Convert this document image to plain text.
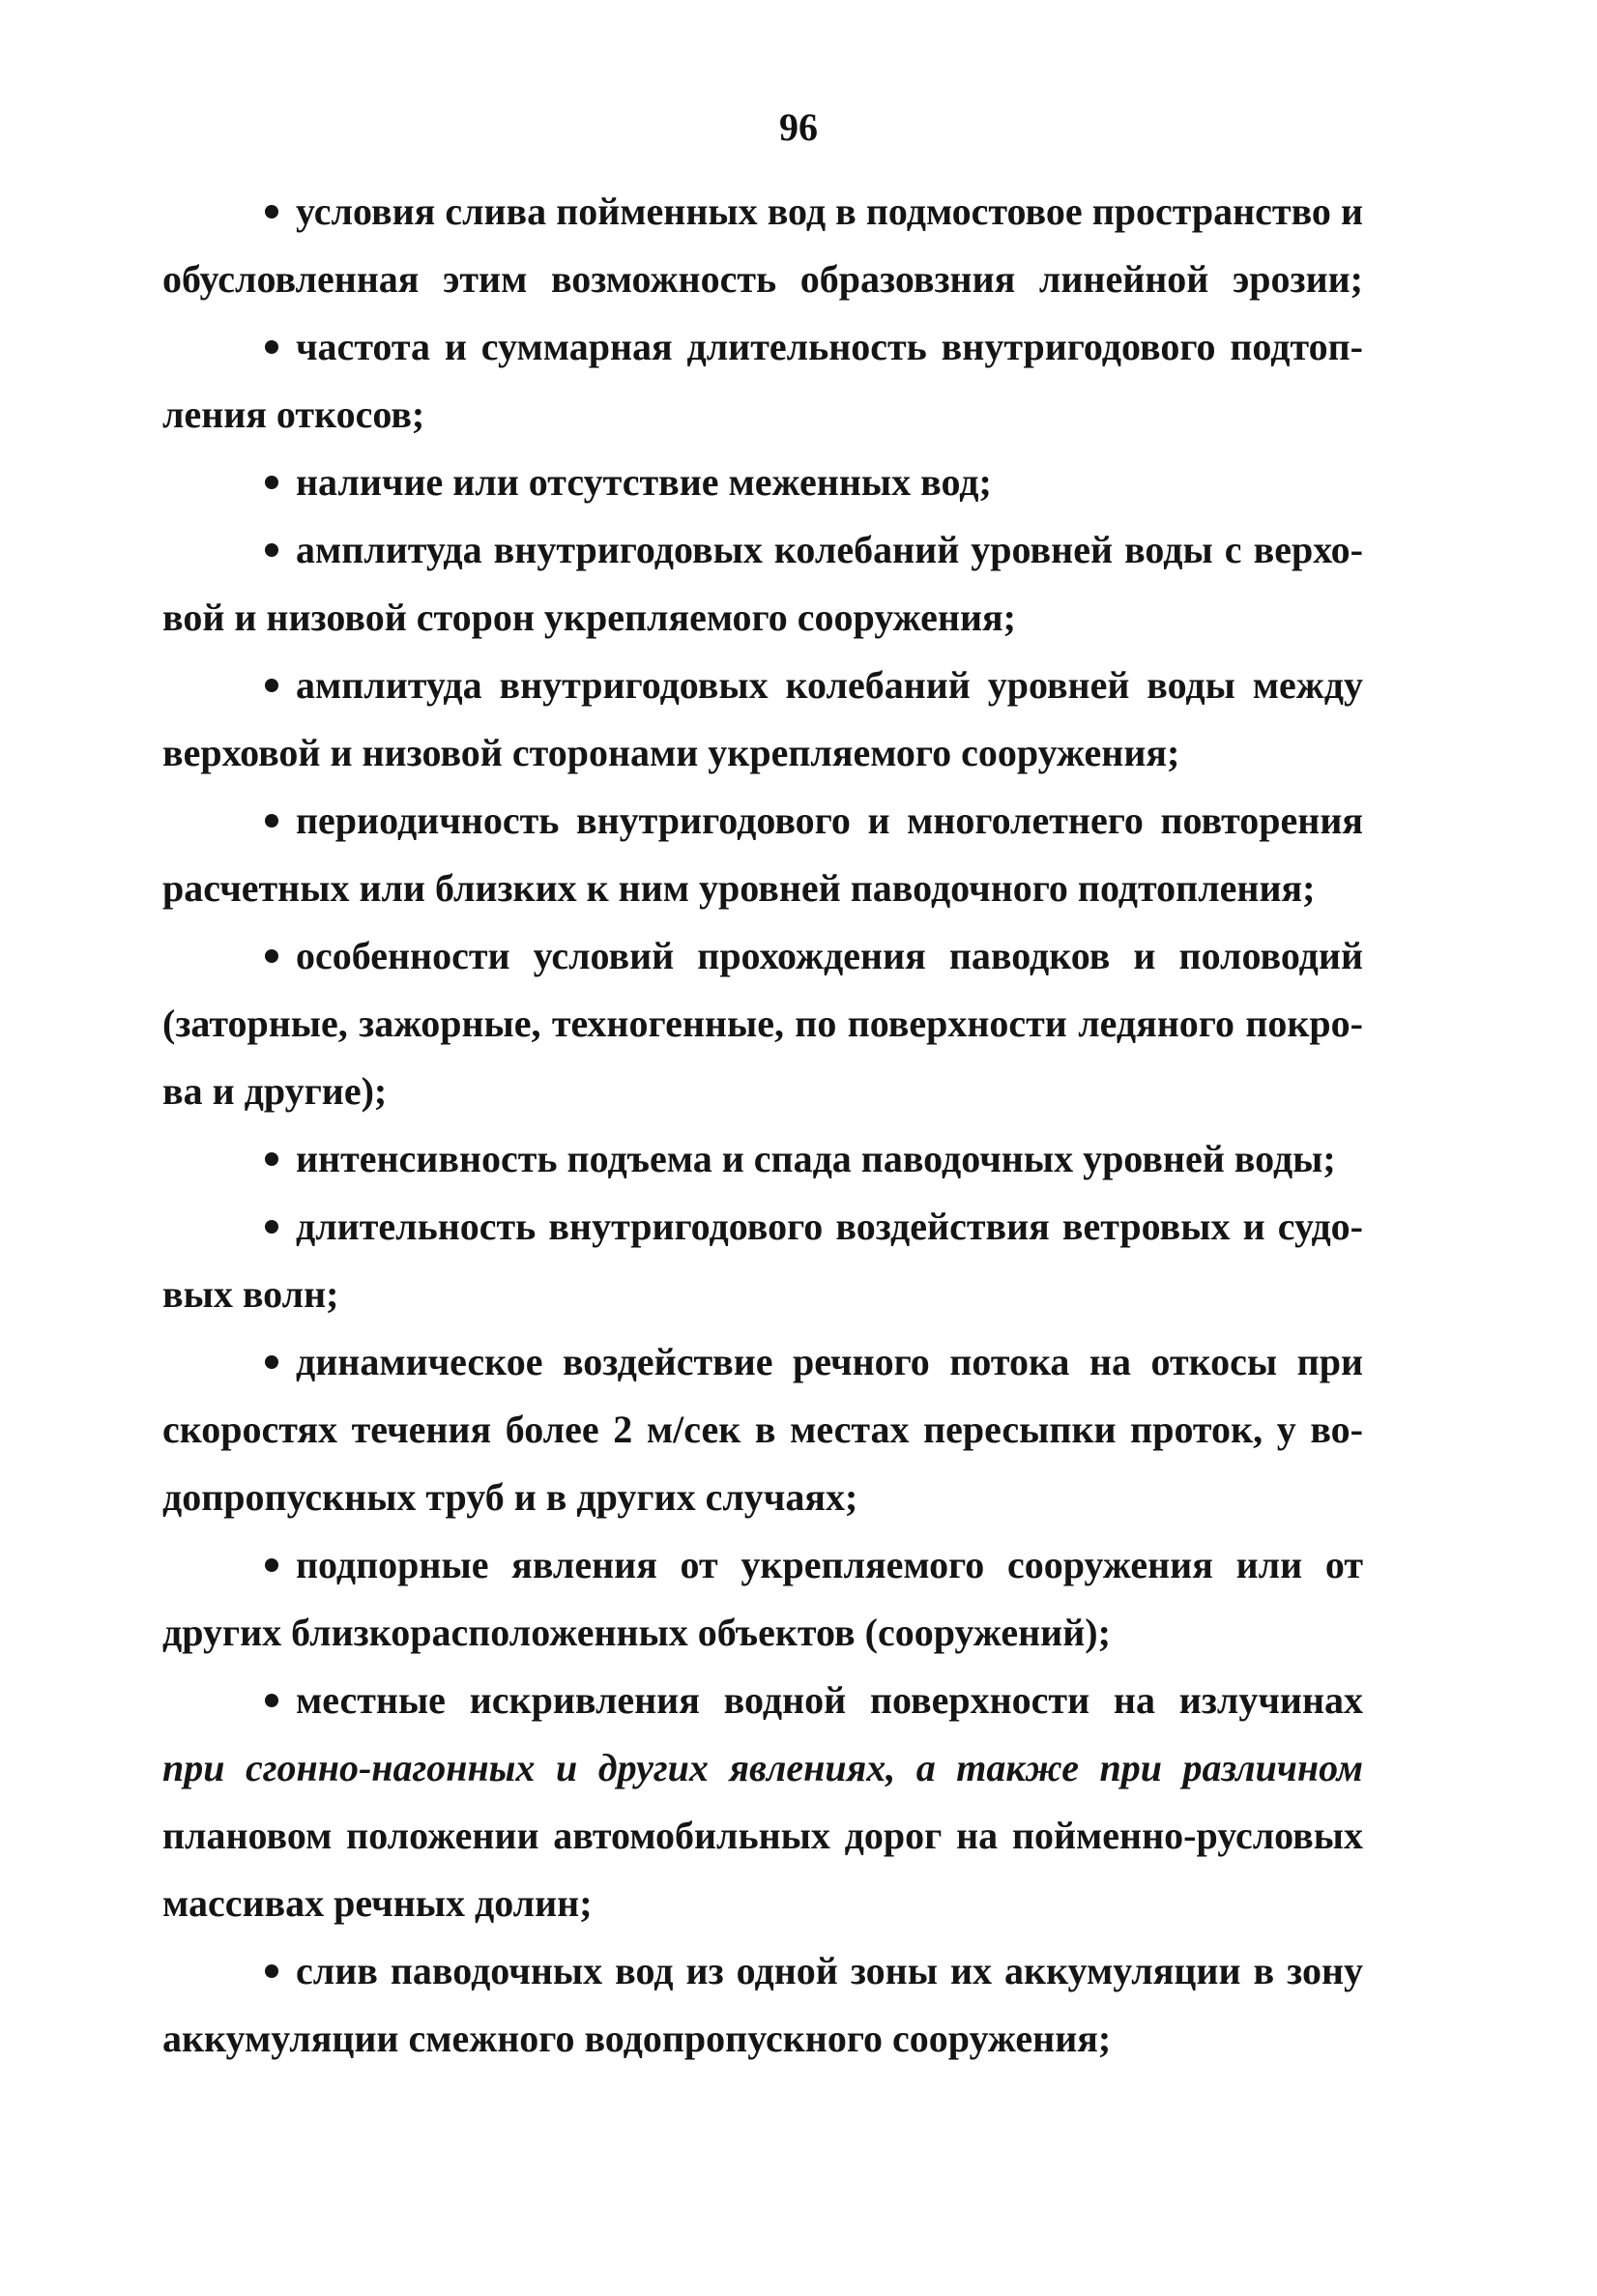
96
условия слива пойменных вод в подмостовое пространство и
обусловленная этим возможность образовзния линейной эрозии;
частота и суммарная длительность внутригодового подтоп-
ления откосов;
наличие или отсутствие меженных вод;
амплитуда внутригодовых колебаний уровней воды с верхо-
вой и низовой сторон укрепляемого сооружения;
амплитуда внутригодовых колебаний уровней воды между
верховой и низовой сторонами укрепляемого сооружения;
периодичность внутригодового и многолетнего повторения
расчетных или близких к ним уровней паводочного подтопления;
особенности условий прохождения паводков и половодий
(заторные, зажорные, техногенные, по поверхности ледяного покро-
ва и другие);
интенсивность подъема и спада паводочных уровней воды;
длительность внутригодового воздействия ветровых и судо-
вых волн;
динамическое воздействие речного потока на откосы при
скоростях течения более 2 м/сек в местах пересыпки проток, у во-
допропускных труб и в других случаях;
подпорные явления от укрепляемого сооружения или от
других близкорасположенных объектов (сооружений);
местные искривления водной поверхности на излучинах
при сгонно-нагонных и других явлениях, а также при различном
плановом положении автомобильных дорог на пойменно-русловых
массивах речных долин;
слив паводочных вод из одной зоны их аккумуляции в зону
аккумуляции смежного водопропускного сооружения;
